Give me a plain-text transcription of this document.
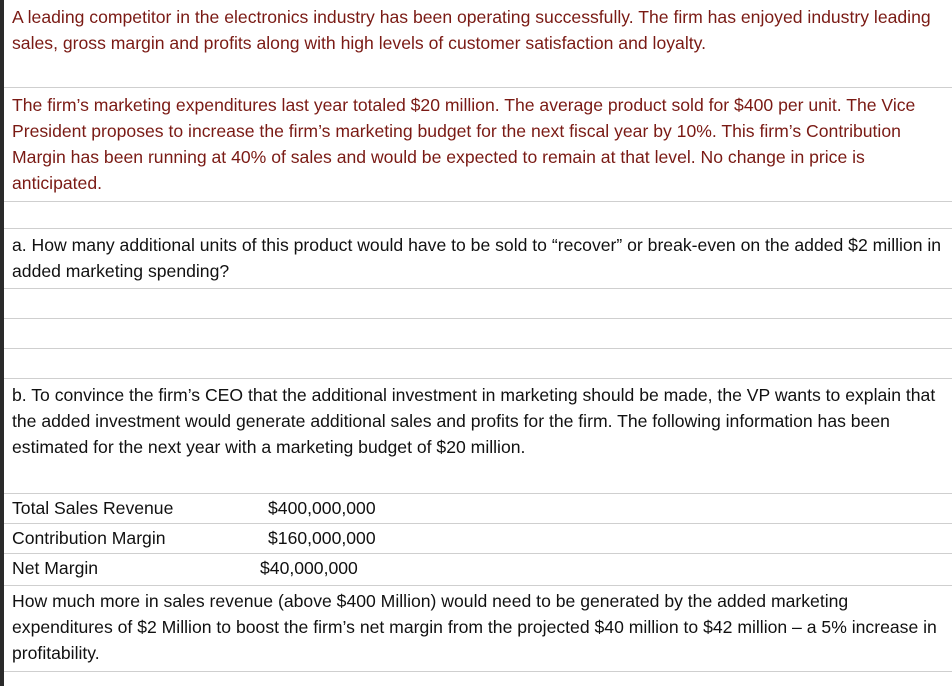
A leading competitor in the electronics industry has been operating successfully. The firm has enjoyed industry leading sales, gross margin and profits along with high levels of customer satisfaction and loyalty.
The firm’s marketing expenditures last year totaled $20 million. The average product sold for $400 per unit. The Vice President proposes to increase the firm’s marketing budget for the next fiscal year by 10%. This firm’s Contribution Margin has been running at 40% of sales and would be expected to remain at that level. No change in price is anticipated.
a. How many additional units of this product would have to be sold to “recover” or break-even on the added $2 million in added marketing spending?
b. To convince the firm’s CEO that the additional investment in marketing should be made, the VP wants to explain that the added investment would generate additional sales and profits for the firm. The following information has been estimated for the next year with a marketing budget of $20 million.
Total Sales Revenue	$400,000,000
Contribution Margin	$160,000,000
Net Margin	$40,000,000
How much more in sales revenue (above $400 Million) would need to be generated by the added marketing expenditures of $2 Million to boost the firm’s net margin from the projected $40 million to $42 million – a 5% increase in profitability.
